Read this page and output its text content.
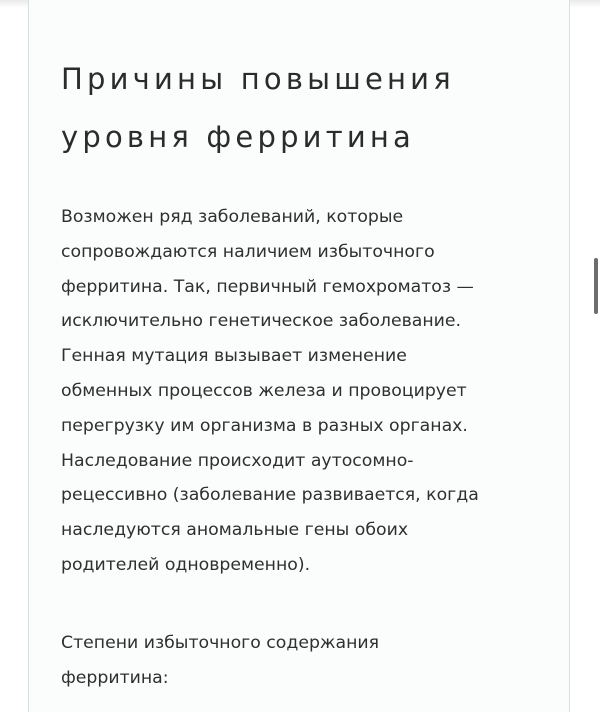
Причины повышения
уровня ферритина

Возможен ряд заболеваний, которые
сопровождаются наличием избыточного
ферритина. Так, первичный гемохроматоз —
исключительно генетическое заболевание.
Генная мутация вызывает изменение
обменных процессов железа и провоцирует
перегрузку им организма в разных органах.
Наследование происходит аутосомно-
рецессивно (заболевание развивается, когда
наследуются аномальные гены обоих
родителей одновременно).

Степени избыточного содержания
ферритина:
